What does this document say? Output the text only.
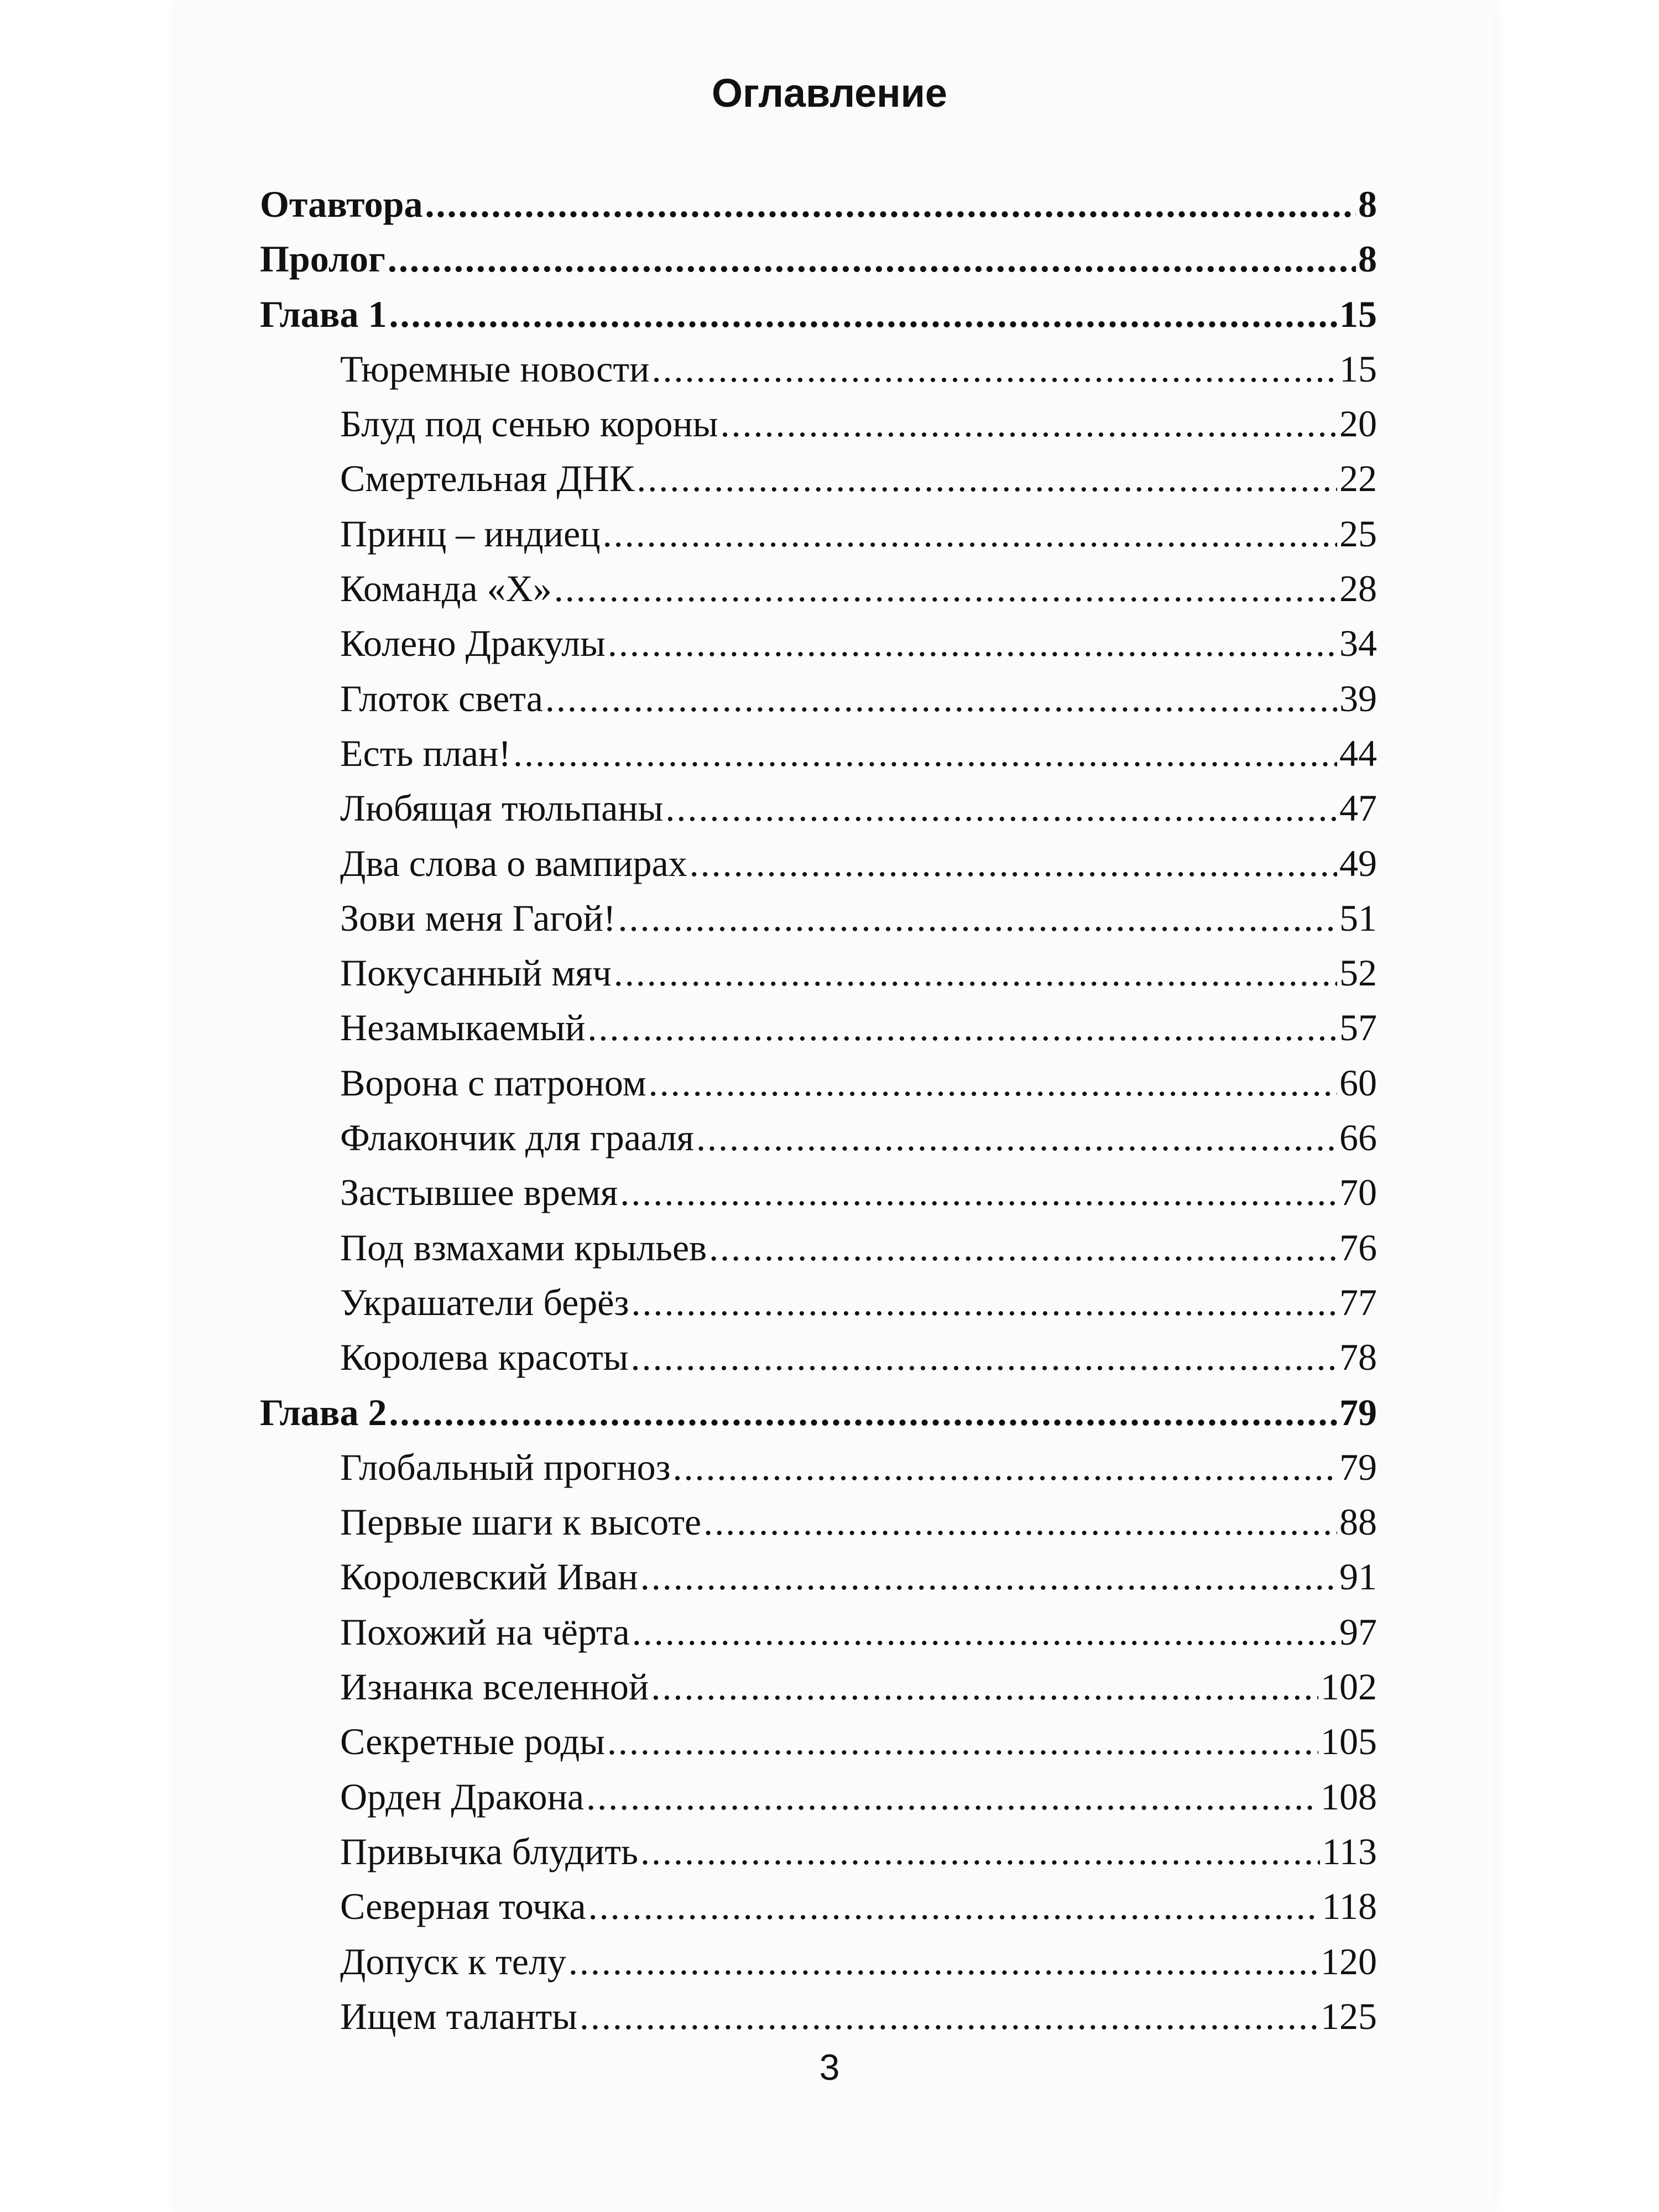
Оглавление
Отавтора .....	8
Пролог .....	8
Глава 1 .....	15
Тюремные новости .....	15
Блуд под сенью короны .....	20
Смертельная ДНК .....	22
Принц – индиец .....	25
Команда «Х» .....	28
Колено Дракулы .....	34
Глоток света .....	39
Есть план! .....	44
Любящая тюльпаны .....	47
Два слова о вампирах .....	49
Зови меня Гагой! .....	51
Покусанный мяч .....	52
Незамыкаемый .....	57
Ворона с патроном .....	60
Флакончик для грааля .....	66
Застывшее время .....	70
Под взмахами крыльев .....	76
Украшатели берёз .....	77
Королева красоты .....	78
Глава 2 .....	79
Глобальный прогноз .....	79
Первые шаги к высоте .....	88
Королевский Иван .....	91
Похожий на чёрта .....	97
Изнанка вселенной .....	102
Секретные роды .....	105
Орден Дракона .....	108
Привычка блудить .....	113
Северная точка .....	118
Допуск к телу .....	120
Ищем таланты .....	125
3
